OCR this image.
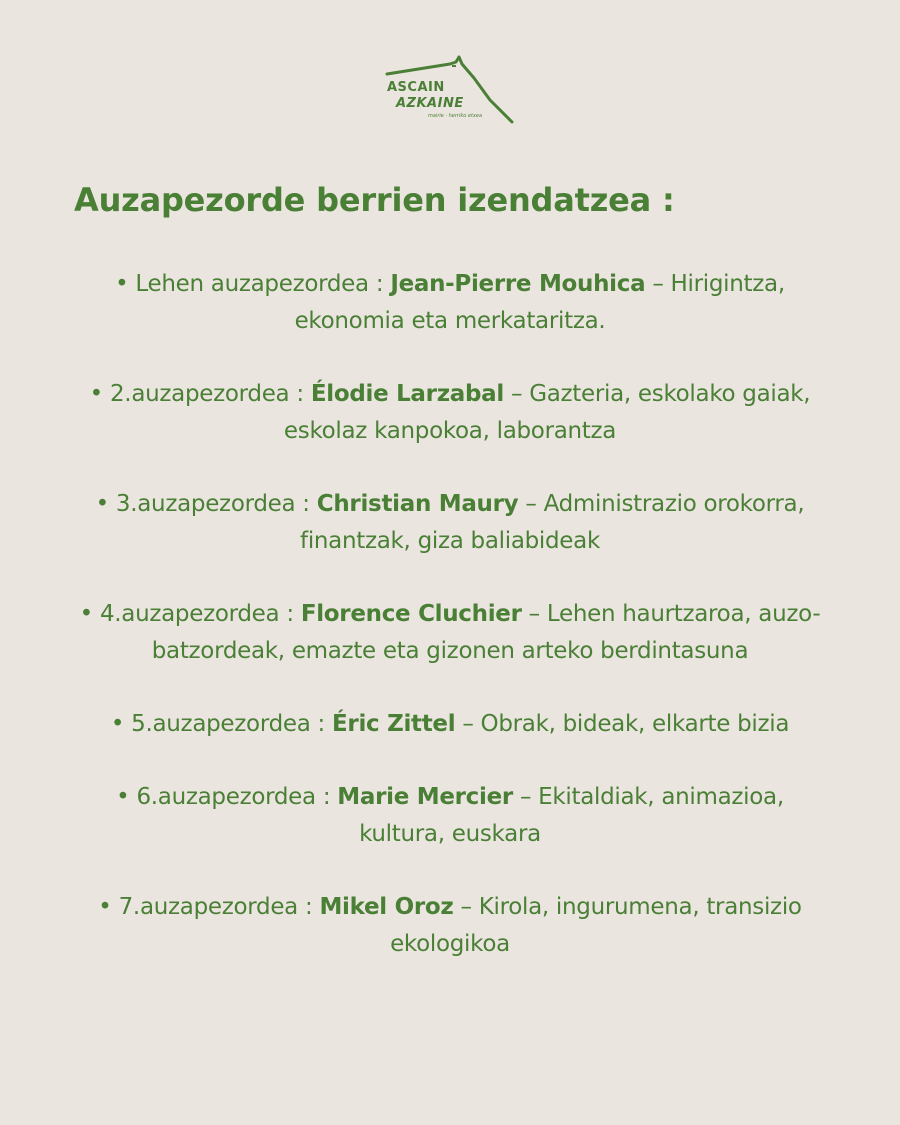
ASCAIN
AZKAINE
mairie · herriko etxea
Auzapezorde berrien izendatzea :
• Lehen auzapezordea : Jean-Pierre Mouhica – Hirigintza, ekonomia eta merkataritza.
• 2.auzapezordea : Élodie Larzabal – Gazteria, eskolako gaiak, eskolaz kanpokoa, laborantza
• 3.auzapezordea : Christian Maury – Administrazio orokorra, finantzak, giza baliabideak
• 4.auzapezordea : Florence Cluchier – Lehen haurtzaroa, auzo-batzordeak, emazte eta gizonen arteko berdintasuna
• 5.auzapezordea : Éric Zittel – Obrak, bideak, elkarte bizia
• 6.auzapezordea : Marie Mercier – Ekitaldiak, animazioa, kultura, euskara
• 7.auzapezordea : Mikel Oroz – Kirola, ingurumena, transizio ekologikoa
